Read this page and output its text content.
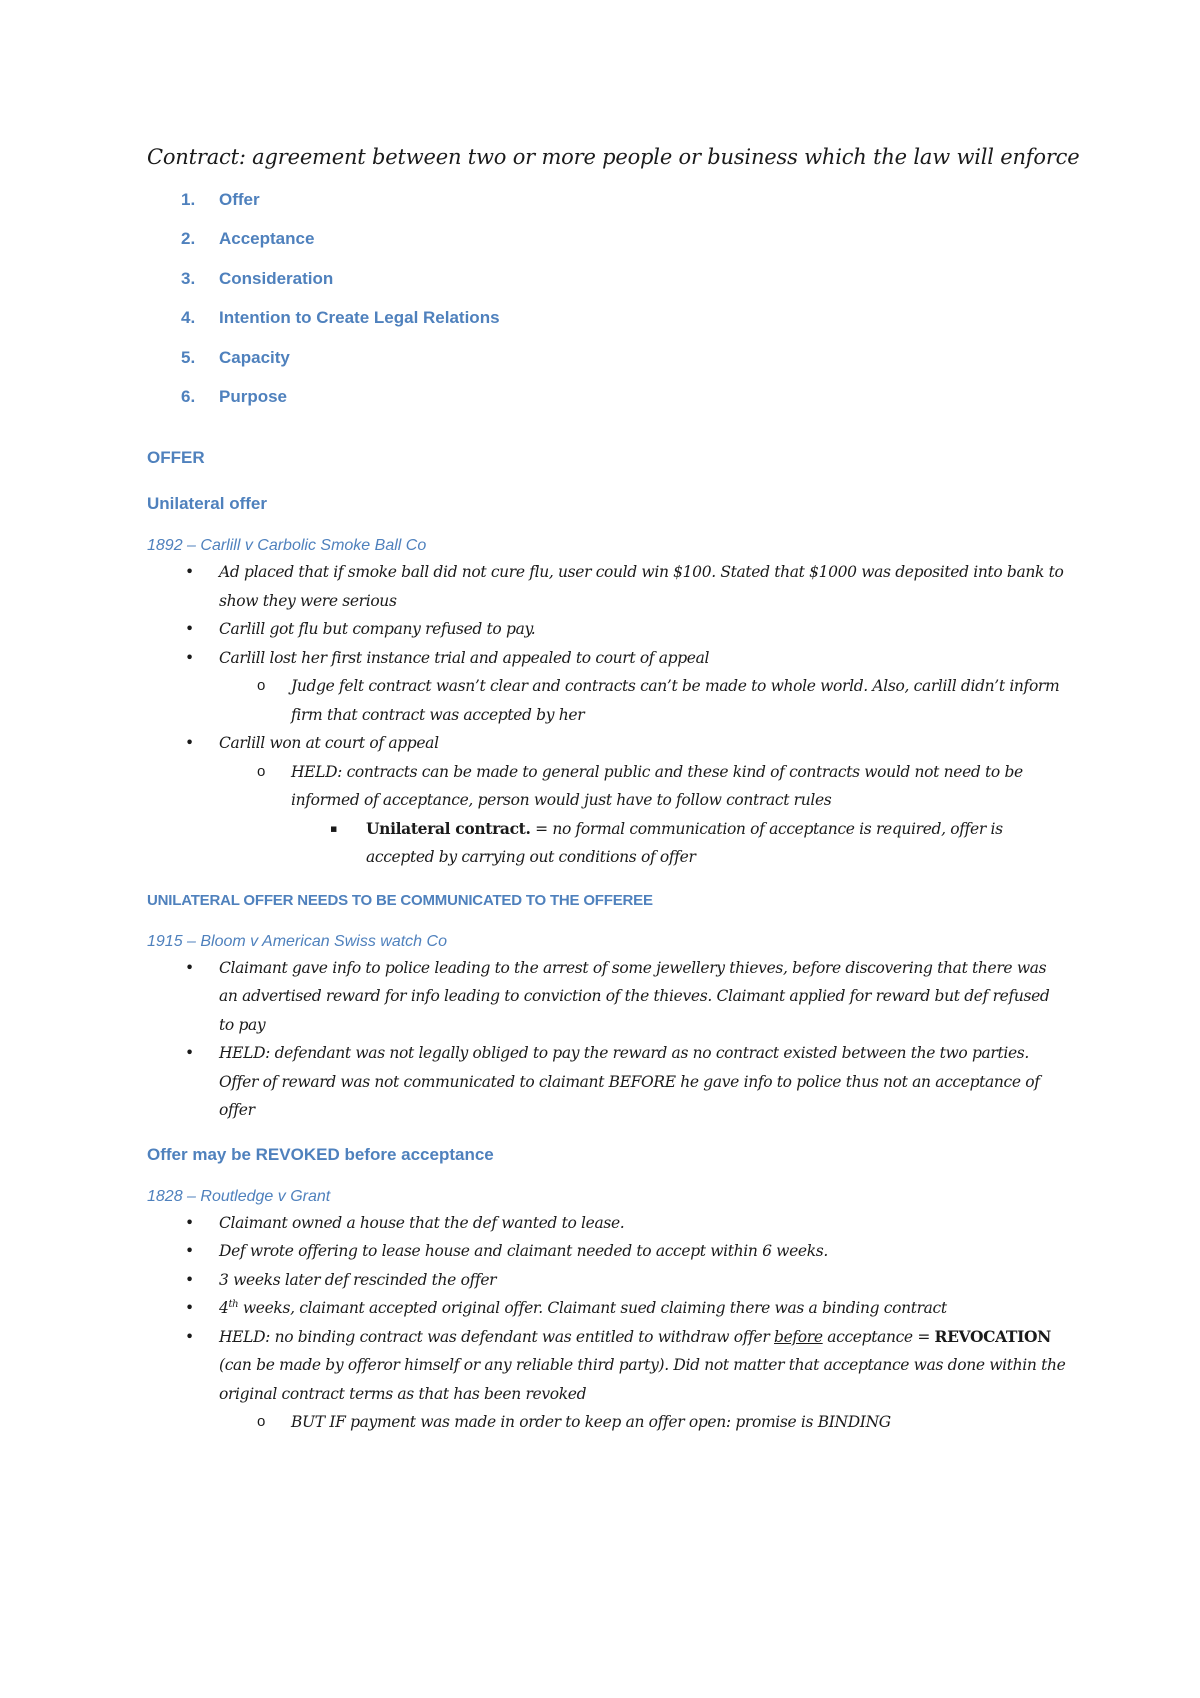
Contract: agreement between two or more people or business which the law will enforce
1. Offer
2. Acceptance
3. Consideration
4. Intention to Create Legal Relations
5. Capacity
6. Purpose
OFFER
Unilateral offer
1892 – Carlill v Carbolic Smoke Ball Co
• Ad placed that if smoke ball did not cure flu, user could win $100. Stated that $1000 was deposited into bank to show they were serious
• Carlill got flu but company refused to pay.
• Carlill lost her first instance trial and appealed to court of appeal
o Judge felt contract wasn’t clear and contracts can’t be made to whole world. Also, carlill didn’t inform firm that contract was accepted by her
• Carlill won at court of appeal
o HELD: contracts can be made to general public and these kind of contracts would not need to be informed of acceptance, person would just have to follow contract rules
▪ Unilateral contract. = no formal communication of acceptance is required, offer is accepted by carrying out conditions of offer
UNILATERAL OFFER NEEDS TO BE COMMUNICATED TO THE OFFEREE
1915 – Bloom v American Swiss watch Co
• Claimant gave info to police leading to the arrest of some jewellery thieves, before discovering that there was an advertised reward for info leading to conviction of the thieves. Claimant applied for reward but def refused to pay
• HELD: defendant was not legally obliged to pay the reward as no contract existed between the two parties. Offer of reward was not communicated to claimant BEFORE he gave info to police thus not an acceptance of offer
Offer may be REVOKED before acceptance
1828 – Routledge v Grant
• Claimant owned a house that the def wanted to lease.
• Def wrote offering to lease house and claimant needed to accept within 6 weeks.
• 3 weeks later def rescinded the offer
• 4th weeks, claimant accepted original offer. Claimant sued claiming there was a binding contract
• HELD: no binding contract was defendant was entitled to withdraw offer before acceptance = REVOCATION (can be made by offeror himself or any reliable third party). Did not matter that acceptance was done within the original contract terms as that has been revoked
o BUT IF payment was made in order to keep an offer open: promise is BINDING
